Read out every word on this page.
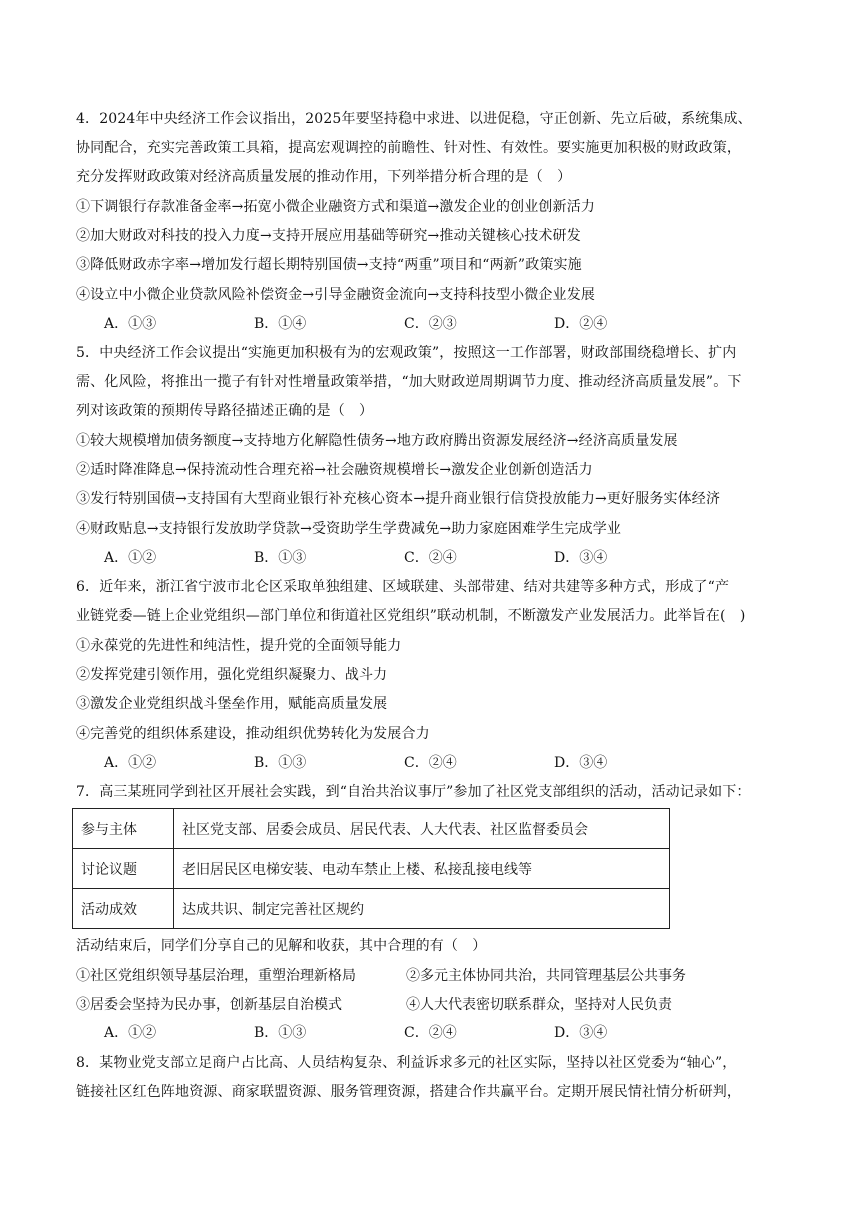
4．2024年中央经济工作会议指出，2025年要坚持稳中求进、以进促稳，守正创新、先立后破，系统集成、
协同配合，充实完善政策工具箱，提高宏观调控的前瞻性、针对性、有效性。要实施更加积极的财政政策，
充分发挥财政政策对经济高质量发展的推动作用，下列举措分析合理的是（　）
①下调银行存款准备金率→拓宽小微企业融资方式和渠道→激发企业的创业创新活力
②加大财政对科技的投入力度→支持开展应用基础等研究→推动关键核心技术研发
③降低财政赤字率→增加发行超长期特别国债→支持“两重”项目和“两新”政策实施
④设立中小微企业贷款风险补偿资金→引导金融资金流向→支持科技型小微企业发展
A．①③	B．①④	C．②③	D．②④
5．中央经济工作会议提出“实施更加积极有为的宏观政策”，按照这一工作部署，财政部围绕稳增长、扩内
需、化风险，将推出一揽子有针对性增量政策举措，“加大财政逆周期调节力度、推动经济高质量发展”。下
列对该政策的预期传导路径描述正确的是（　）
①较大规模增加债务额度→支持地方化解隐性债务→地方政府腾出资源发展经济→经济高质量发展
②适时降准降息→保持流动性合理充裕→社会融资规模增长→激发企业创新创造活力
③发行特别国债→支持国有大型商业银行补充核心资本→提升商业银行信贷投放能力→更好服务实体经济
④财政贴息→支持银行发放助学贷款→受资助学生学费减免→助力家庭困难学生完成学业
A．①②	B．①③	C．②④	D．③④
6．近年来，浙江省宁波市北仑区采取单独组建、区域联建、头部带建、结对共建等多种方式，形成了“产
业链党委—链上企业党组织—部门单位和街道社区党组织”联动机制，不断激发产业发展活力。此举旨在(　)
①永葆党的先进性和纯洁性，提升党的全面领导能力
②发挥党建引领作用，强化党组织凝聚力、战斗力
③激发企业党组织战斗堡垒作用，赋能高质量发展
④完善党的组织体系建设，推动组织优势转化为发展合力
A．①②	B．①③	C．②④	D．③④
7．高三某班同学到社区开展社会实践，到“自治共治议事厅”参加了社区党支部组织的活动，活动记录如下：
参与主体	社区党支部、居委会成员、居民代表、人大代表、社区监督委员会
讨论议题	老旧居民区电梯安装、电动车禁止上楼、私接乱接电线等
活动成效	达成共识、制定完善社区规约
活动结束后，同学们分享自己的见解和收获，其中合理的有（　）
①社区党组织领导基层治理，重塑治理新格局	②多元主体协同共治，共同管理基层公共事务
③居委会坚持为民办事，创新基层自治模式	④人大代表密切联系群众，坚持对人民负责
A．①②	B．①③	C．②④	D．③④
8．某物业党支部立足商户占比高、人员结构复杂、利益诉求多元的社区实际，坚持以社区党委为“轴心”，
链接社区红色阵地资源、商家联盟资源、服务管理资源，搭建合作共赢平台。定期开展民情社情分析研判，
